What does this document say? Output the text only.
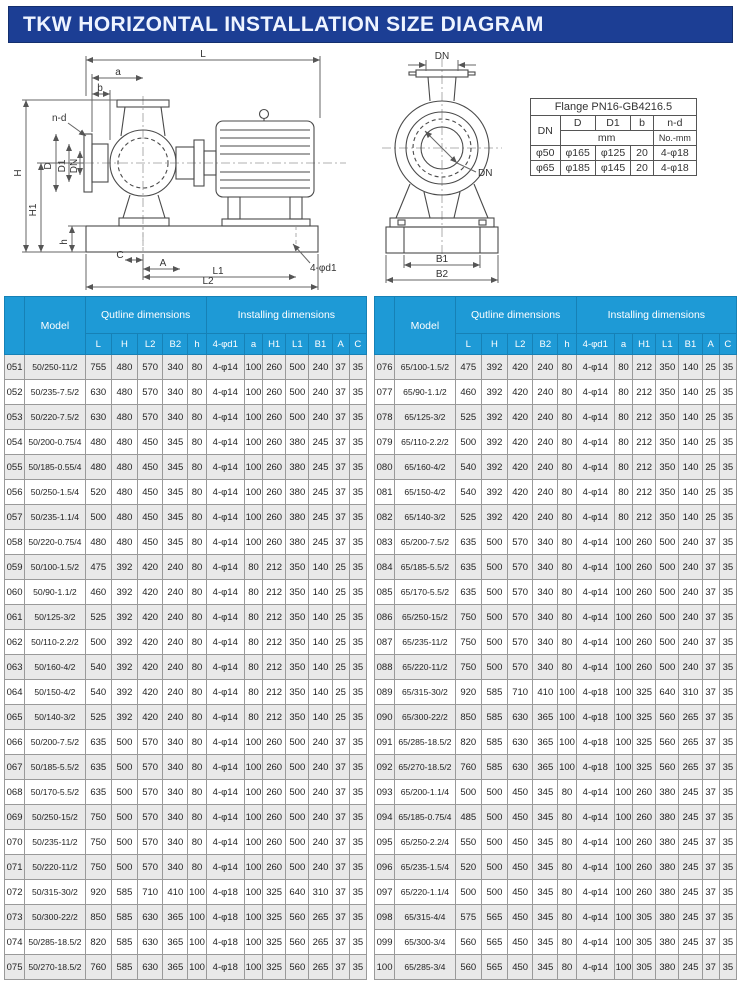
TKW HORIZONTAL INSTALLATION SIZE DIAGRAM
L
a
b
n-d
D D1 DN
H
H1
h
C
A
L1
L2
4-φd1
DN
DN
B1
B2
Flange PN16-GB4216.5				
DN	D	D1	b	n-d
	mm			No.-mm
φ50	φ165	φ125	20	4-φ18
φ65	φ185	φ145	20	4-φ18
	Model	Qutline dimensions					Installing dimensions						
		L	H	L2	B2	h	4-φd1	a	H1	L1	B1	A	C
051	50/250-11/2	755	480	570	340	80	4-φ14	100	260	500	240	37	35
052	50/235-7.5/2	630	480	570	340	80	4-φ14	100	260	500	240	37	35
053	50/220-7.5/2	630	480	570	340	80	4-φ14	100	260	500	240	37	35
054	50/200-0.75/4	480	480	450	345	80	4-φ14	100	260	380	245	37	35
055	50/185-0.55/4	480	480	450	345	80	4-φ14	100	260	380	245	37	35
056	50/250-1.5/4	520	480	450	345	80	4-φ14	100	260	380	245	37	35
057	50/235-1.1/4	500	480	450	345	80	4-φ14	100	260	380	245	37	35
058	50/220-0.75/4	480	480	450	345	80	4-φ14	100	260	380	245	37	35
059	50/100-1.5/2	475	392	420	240	80	4-φ14	80	212	350	140	25	35
060	50/90-1.1/2	460	392	420	240	80	4-φ14	80	212	350	140	25	35
061	50/125-3/2	525	392	420	240	80	4-φ14	80	212	350	140	25	35
062	50/110-2.2/2	500	392	420	240	80	4-φ14	80	212	350	140	25	35
063	50/160-4/2	540	392	420	240	80	4-φ14	80	212	350	140	25	35
064	50/150-4/2	540	392	420	240	80	4-φ14	80	212	350	140	25	35
065	50/140-3/2	525	392	420	240	80	4-φ14	80	212	350	140	25	35
066	50/200-7.5/2	635	500	570	340	80	4-φ14	100	260	500	240	37	35
067	50/185-5.5/2	635	500	570	340	80	4-φ14	100	260	500	240	37	35
068	50/170-5.5/2	635	500	570	340	80	4-φ14	100	260	500	240	37	35
069	50/250-15/2	750	500	570	340	80	4-φ14	100	260	500	240	37	35
070	50/235-11/2	750	500	570	340	80	4-φ14	100	260	500	240	37	35
071	50/220-11/2	750	500	570	340	80	4-φ14	100	260	500	240	37	35
072	50/315-30/2	920	585	710	410	100	4-φ18	100	325	640	310	37	35
073	50/300-22/2	850	585	630	365	100	4-φ18	100	325	560	265	37	35
074	50/285-18.5/2	820	585	630	365	100	4-φ18	100	325	560	265	37	35
075	50/270-18.5/2	760	585	630	365	100	4-φ18	100	325	560	265	37	35
	Model	Qutline dimensions					Installing dimensions						
		L	H	L2	B2	h	4-φd1	a	H1	L1	B1	A	C
076	65/100-1.5/2	475	392	420	240	80	4-φ14	80	212	350	140	25	35
077	65/90-1.1/2	460	392	420	240	80	4-φ14	80	212	350	140	25	35
078	65/125-3/2	525	392	420	240	80	4-φ14	80	212	350	140	25	35
079	65/110-2.2/2	500	392	420	240	80	4-φ14	80	212	350	140	25	35
080	65/160-4/2	540	392	420	240	80	4-φ14	80	212	350	140	25	35
081	65/150-4/2	540	392	420	240	80	4-φ14	80	212	350	140	25	35
082	65/140-3/2	525	392	420	240	80	4-φ14	80	212	350	140	25	35
083	65/200-7.5/2	635	500	570	340	80	4-φ14	100	260	500	240	37	35
084	65/185-5.5/2	635	500	570	340	80	4-φ14	100	260	500	240	37	35
085	65/170-5.5/2	635	500	570	340	80	4-φ14	100	260	500	240	37	35
086	65/250-15/2	750	500	570	340	80	4-φ14	100	260	500	240	37	35
087	65/235-11/2	750	500	570	340	80	4-φ14	100	260	500	240	37	35
088	65/220-11/2	750	500	570	340	80	4-φ14	100	260	500	240	37	35
089	65/315-30/2	920	585	710	410	100	4-φ18	100	325	640	310	37	35
090	65/300-22/2	850	585	630	365	100	4-φ18	100	325	560	265	37	35
091	65/285-18.5/2	820	585	630	365	100	4-φ18	100	325	560	265	37	35
092	65/270-18.5/2	760	585	630	365	100	4-φ18	100	325	560	265	37	35
093	65/200-1.1/4	500	500	450	345	80	4-φ14	100	260	380	245	37	35
094	65/185-0.75/4	485	500	450	345	80	4-φ14	100	260	380	245	37	35
095	65/250-2.2/4	550	500	450	345	80	4-φ14	100	260	380	245	37	35
096	65/235-1.5/4	520	500	450	345	80	4-φ14	100	260	380	245	37	35
097	65/220-1.1/4	500	500	450	345	80	4-φ14	100	260	380	245	37	35
098	65/315-4/4	575	565	450	345	80	4-φ14	100	305	380	245	37	35
099	65/300-3/4	560	565	450	345	80	4-φ14	100	305	380	245	37	35
100	65/285-3/4	560	565	450	345	80	4-φ14	100	305	380	245	37	35
